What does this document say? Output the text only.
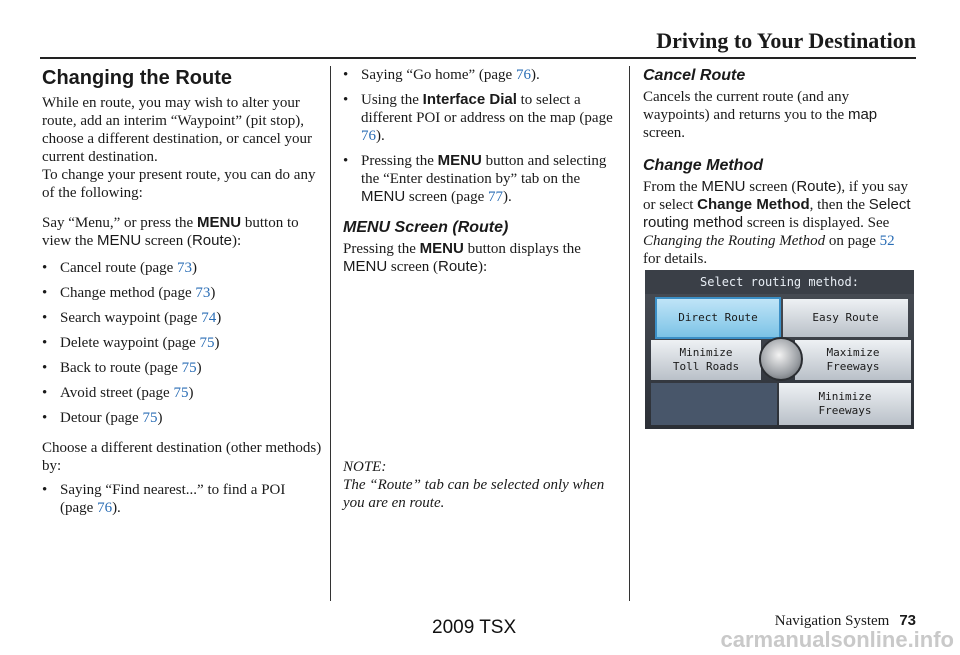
Driving to Your Destination
Changing the Route

While en route, you may wish to alter your route, add an interim “Waypoint” (pit stop), choose a different destination, or cancel your current destination.

To change your present route, you can do any of the following:

Say “Menu,” or press the MENU button to view the MENU screen (Route):

• Cancel route (page 73)
• Change method (page 73)
• Search waypoint (page 74)
• Delete waypoint (page 75)
• Back to route (page 75)
• Avoid street (page 75)
• Detour (page 75)

Choose a different destination (other methods) by:

• Saying “Find nearest...” to find a POI (page 76).
• Saying “Go home” (page 76).
• Using the Interface Dial to select a different POI or address on the map (page 76).
• Pressing the MENU button and selecting the “Enter destination by” tab on the MENU screen (page 77).
MENU Screen (Route)

Pressing the MENU button displays the MENU screen (Route):

NOTE:

The “Route” tab can be selected only when you are en route.

Cancel Route

Cancels the current route (and any waypoints) and returns you to the map screen.

Change Method

From the MENU screen (Route), if you say or select Change Method, then the Select routing method screen is displayed. See Changing the Routing Method on page 52 for details.

Select routing method:
Direct Route	Easy Route
Minimize
Toll Roads
Maximize
Freeways
Minimize
Freeways
Navigation System 73
2009 TSX	carmanualsonline.info
